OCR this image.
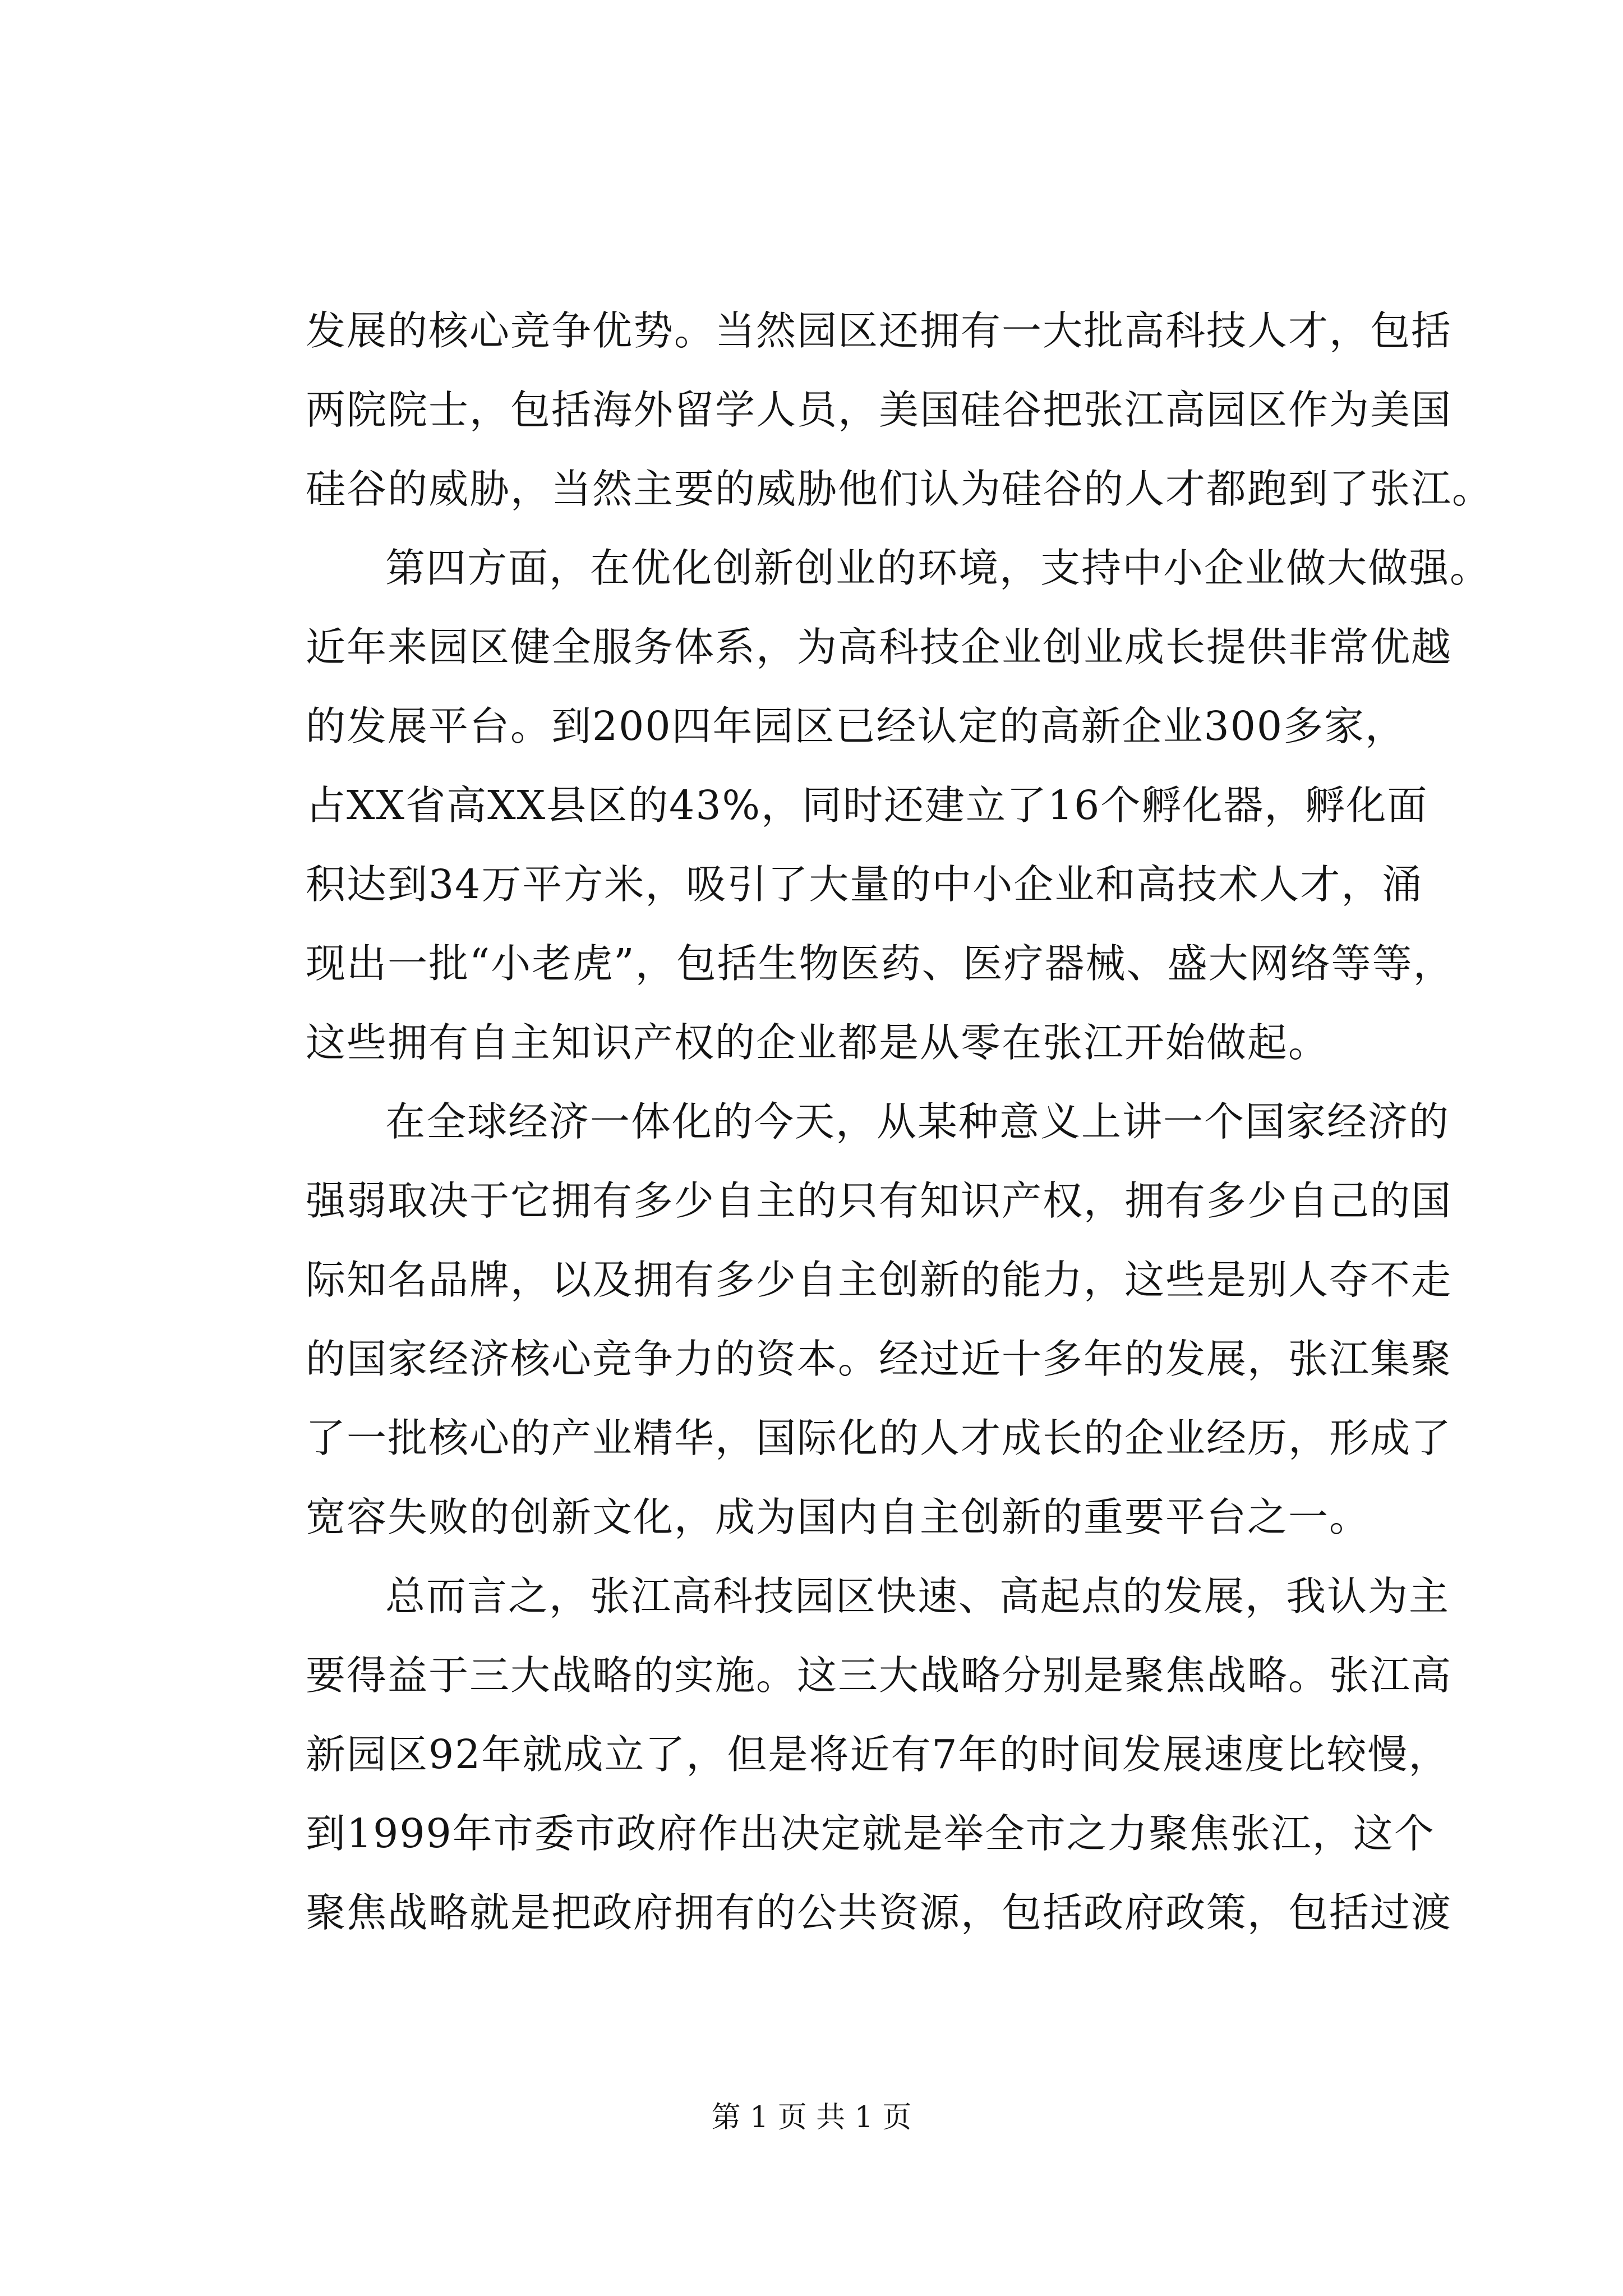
发展的核心竞争优势。当然园区还拥有一大批高科技人才，包括
两院院士，包括海外留学人员，美国硅谷把张江高园区作为美国
硅谷的威胁，当然主要的威胁他们认为硅谷的人才都跑到了张江。
第四方面，在优化创新创业的环境，支持中小企业做大做强。
近年来园区健全服务体系，为高科技企业创业成长提供非常优越
的发展平台。到200四年园区已经认定的高新企业300多家，
占XX省高XX县区的43%，同时还建立了16个孵化器，孵化面
积达到34万平方米，吸引了大量的中小企业和高技术人才，涌
现出一批“小老虎”，包括生物医药、医疗器械、盛大网络等等，
这些拥有自主知识产权的企业都是从零在张江开始做起。
在全球经济一体化的今天，从某种意义上讲一个国家经济的
强弱取决于它拥有多少自主的只有知识产权，拥有多少自己的国
际知名品牌，以及拥有多少自主创新的能力，这些是别人夺不走
的国家经济核心竞争力的资本。经过近十多年的发展，张江集聚
了一批核心的产业精华，国际化的人才成长的企业经历，形成了
宽容失败的创新文化，成为国内自主创新的重要平台之一。
总而言之，张江高科技园区快速、高起点的发展，我认为主
要得益于三大战略的实施。这三大战略分别是聚焦战略。张江高
新园区92年就成立了，但是将近有7年的时间发展速度比较慢，
到1999年市委市政府作出决定就是举全市之力聚焦张江，这个
聚焦战略就是把政府拥有的公共资源，包括政府政策，包括过渡
第 1 页 共 1 页
